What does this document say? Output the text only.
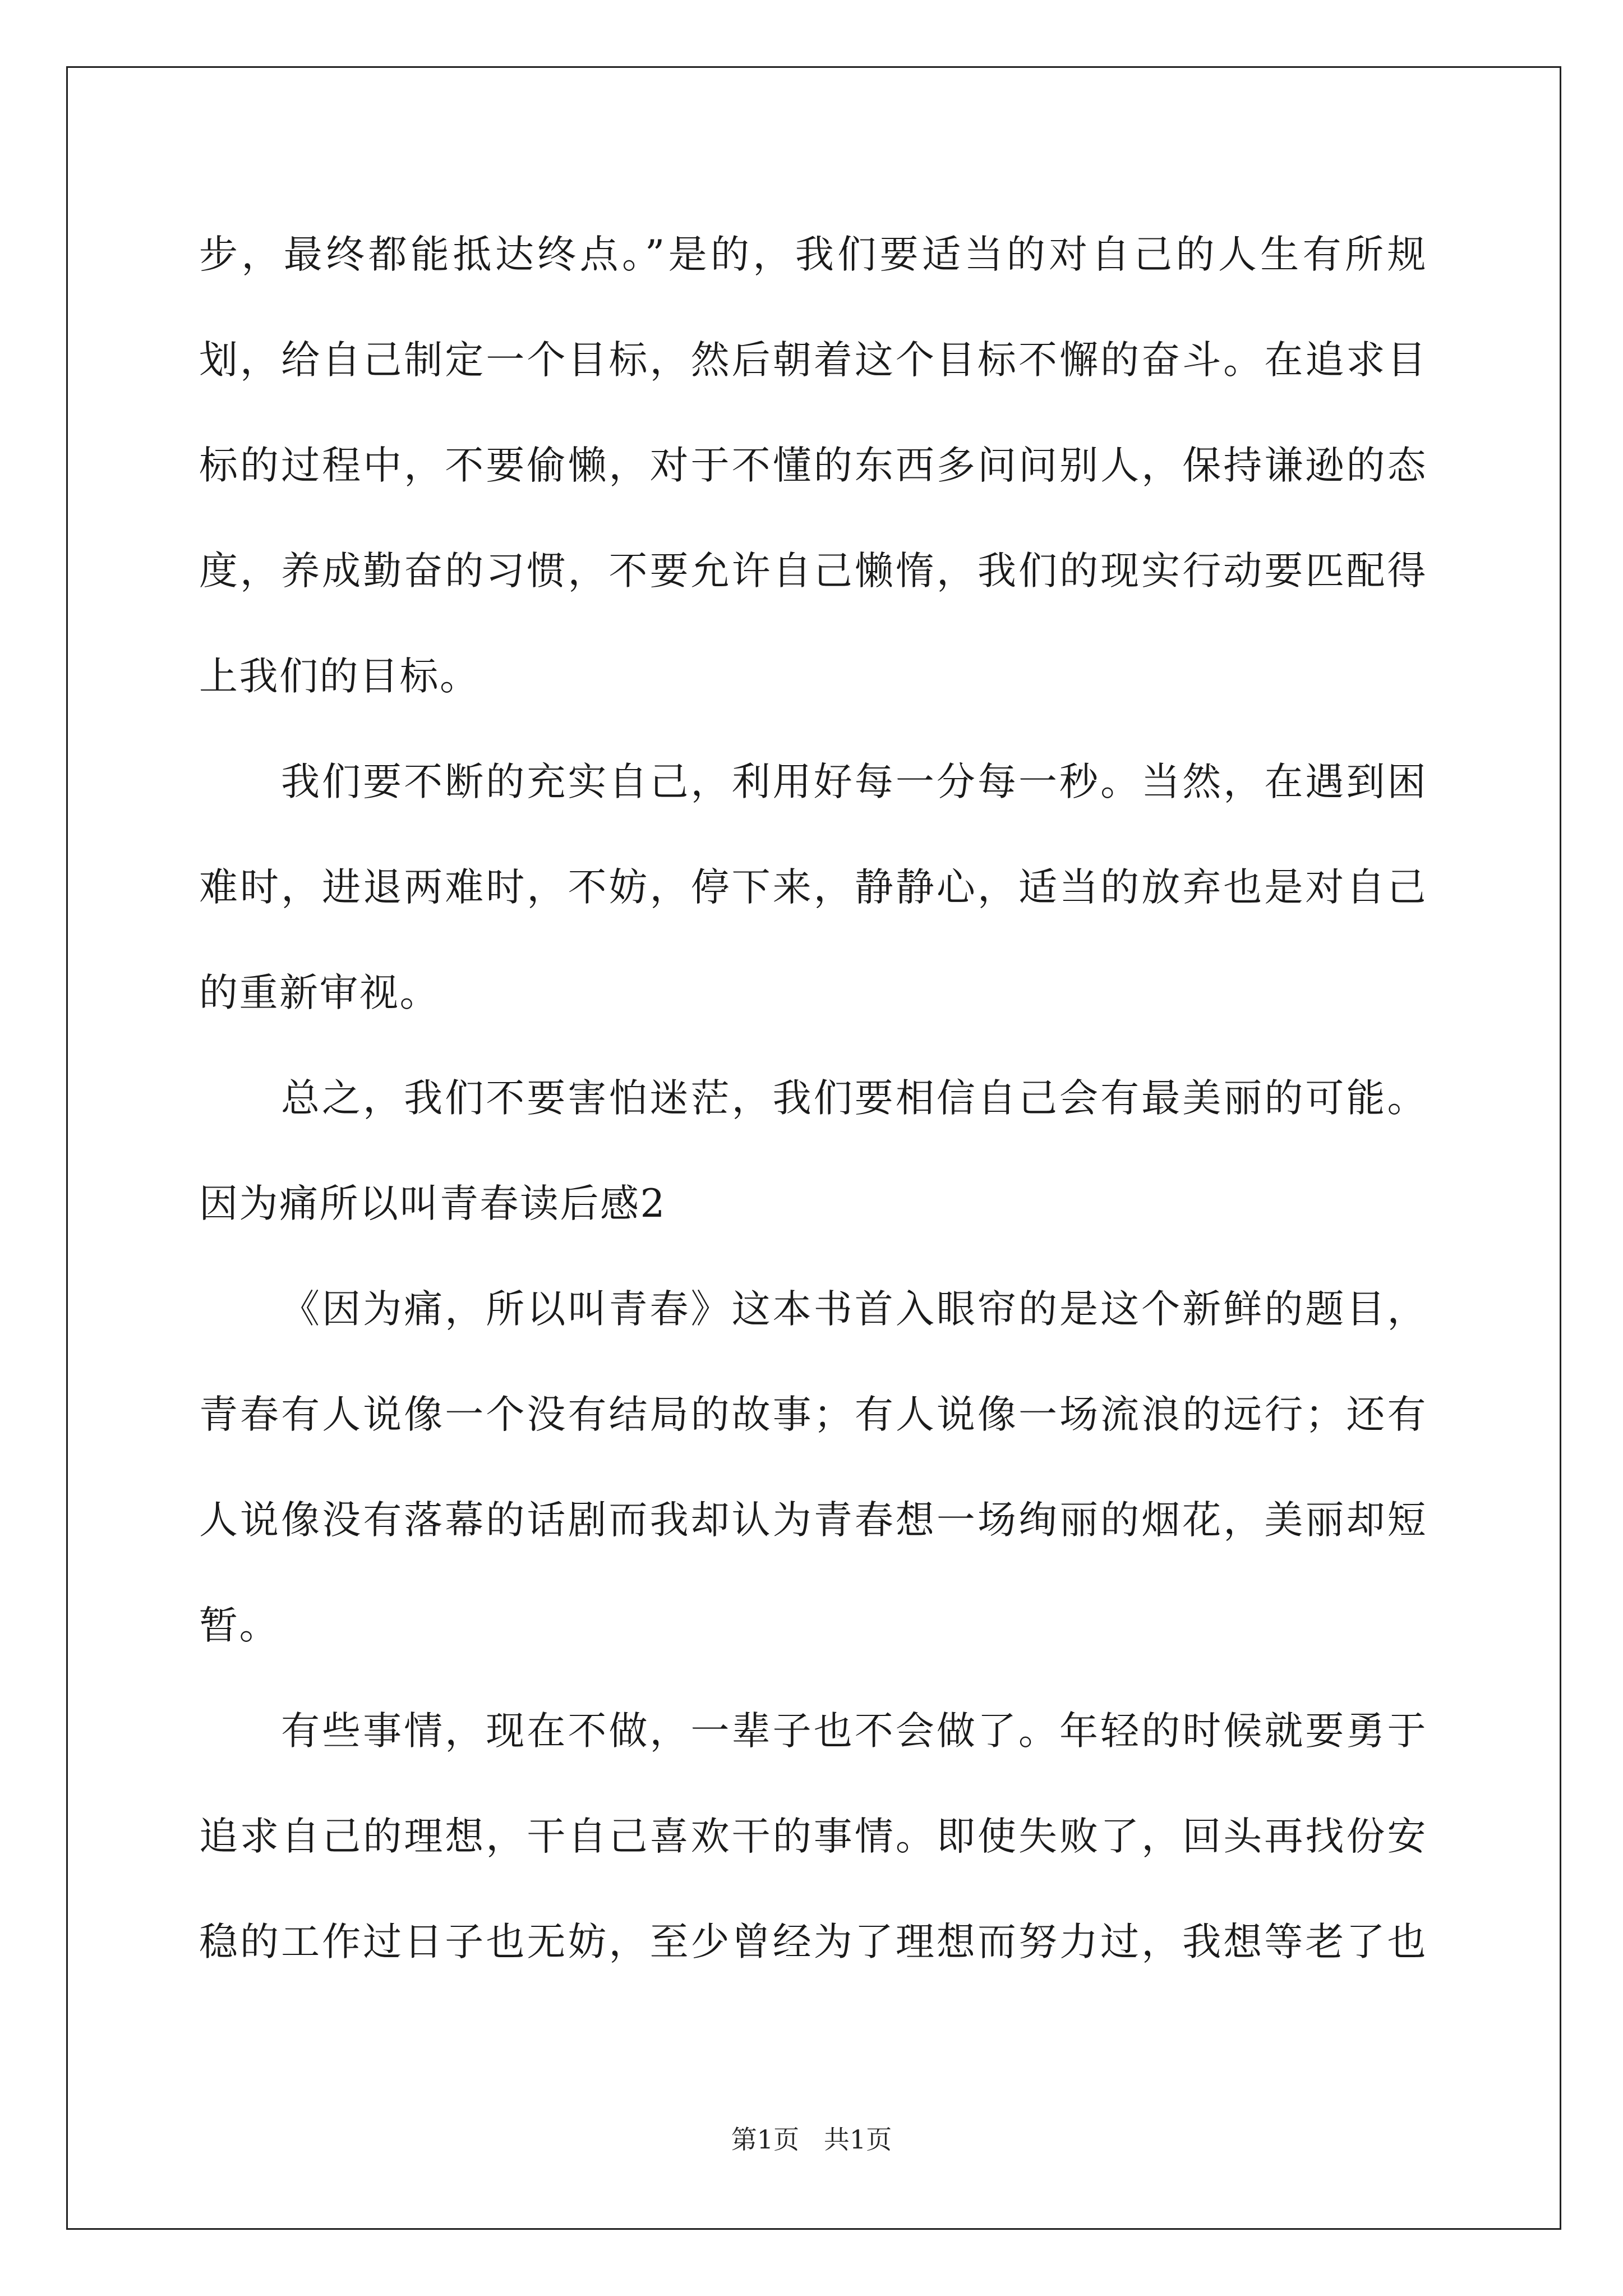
步，最终都能抵达终点。”是的，我们要适当的对自己的人生有所规
划，给自己制定一个目标，然后朝着这个目标不懈的奋斗。在追求目
标的过程中，不要偷懒，对于不懂的东西多问问别人，保持谦逊的态
度，养成勤奋的习惯，不要允许自己懒惰，我们的现实行动要匹配得
上我们的目标。
我们要不断的充实自己，利用好每一分每一秒。当然，在遇到困
难时，进退两难时，不妨，停下来，静静心，适当的放弃也是对自己
的重新审视。
总之，我们不要害怕迷茫，我们要相信自己会有最美丽的可能。
因为痛所以叫青春读后感2
《因为痛，所以叫青春》这本书首入眼帘的是这个新鲜的题目，
青春有人说像一个没有结局的故事；有人说像一场流浪的远行；还有
人说像没有落幕的话剧而我却认为青春想一场绚丽的烟花，美丽却短
暂。
有些事情，现在不做，一辈子也不会做了。年轻的时候就要勇于
追求自己的理想，干自己喜欢干的事情。即使失败了，回头再找份安
稳的工作过日子也无妨，至少曾经为了理想而努力过，我想等老了也
第1页   共1页
